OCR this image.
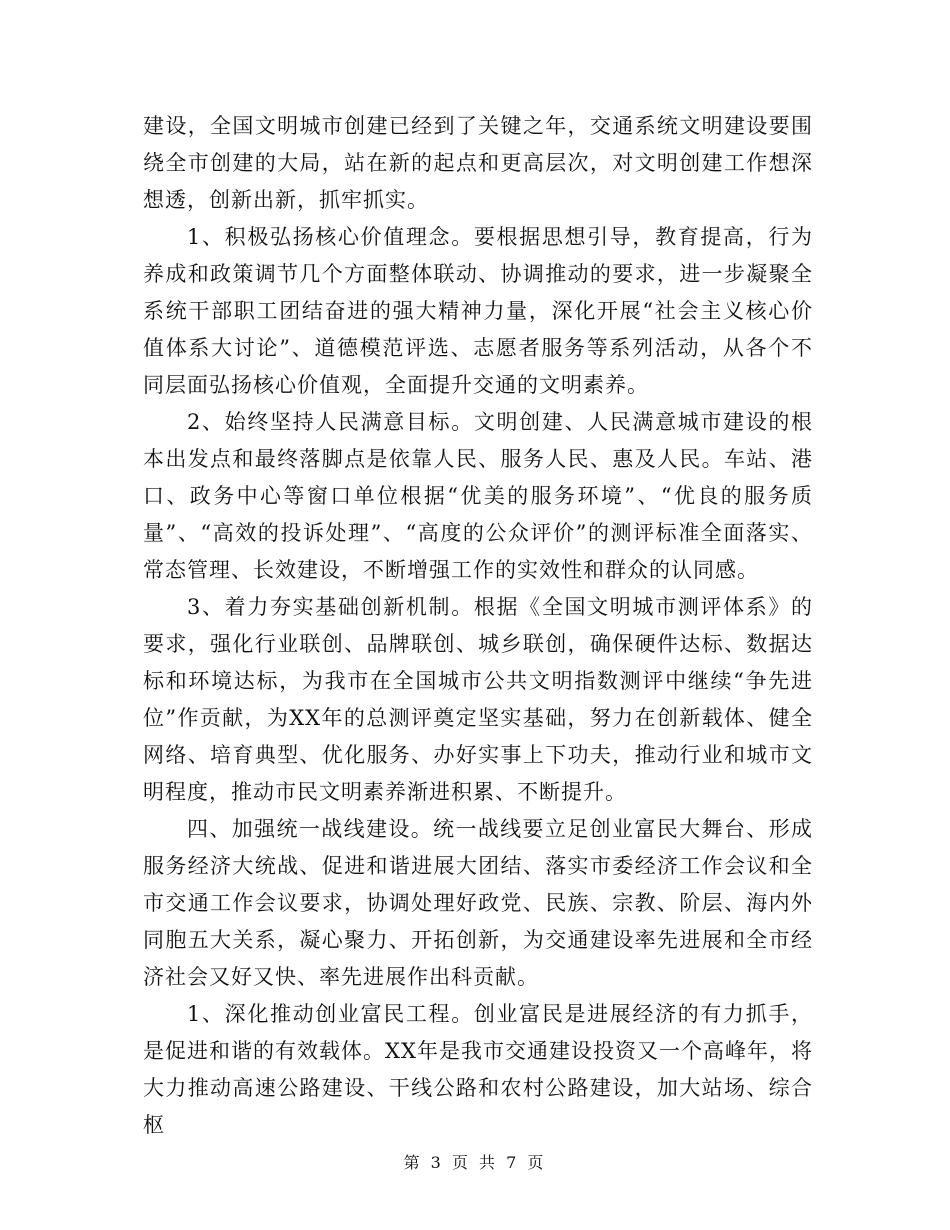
建设，全国文明城市创建已经到了关键之年，交通系统文明建设要围绕全市创建的大局，站在新的起点和更高层次，对文明创建工作想深想透，创新出新，抓牢抓实。

1、积极弘扬核心价值理念。要根据思想引导，教育提高，行为养成和政策调节几个方面整体联动、协调推动的要求，进一步凝聚全系统干部职工团结奋进的强大精神力量，深化开展“社会主义核心价值体系大讨论”、道德模范评选、志愿者服务等系列活动，从各个不同层面弘扬核心价值观，全面提升交通的文明素养。

2、始终坚持人民满意目标。文明创建、人民满意城市建设的根本出发点和最终落脚点是依靠人民、服务人民、惠及人民。车站、港口、政务中心等窗口单位根据“优美的服务环境”、“优良的服务质量”、“高效的投诉处理”、“高度的公众评价”的测评标准全面落实、常态管理、长效建设，不断增强工作的实效性和群众的认同感。

3、着力夯实基础创新机制。根据《全国文明城市测评体系》的要求，强化行业联创、品牌联创、城乡联创，确保硬件达标、数据达标和环境达标，为我市在全国城市公共文明指数测评中继续“争先进位”作贡献，为XX年的总测评奠定坚实基础，努力在创新载体、健全网络、培育典型、优化服务、办好实事上下功夫，推动行业和城市文明程度，推动市民文明素养渐进积累、不断提升。

四、加强统一战线建设。统一战线要立足创业富民大舞台、形成服务经济大统战、促进和谐进展大团结、落实市委经济工作会议和全市交通工作会议要求，协调处理好政党、民族、宗教、阶层、海内外同胞五大关系，凝心聚力、开拓创新，为交通建设率先进展和全市经济社会又好又快、率先进展作出科贡献。

1、深化推动创业富民工程。创业富民是进展经济的有力抓手，是促进和谐的有效载体。XX年是我市交通建设投资又一个高峰年，将大力推动高速公路建设、干线公路和农村公路建设，加大站场、综合枢

第 3 页 共 7 页
